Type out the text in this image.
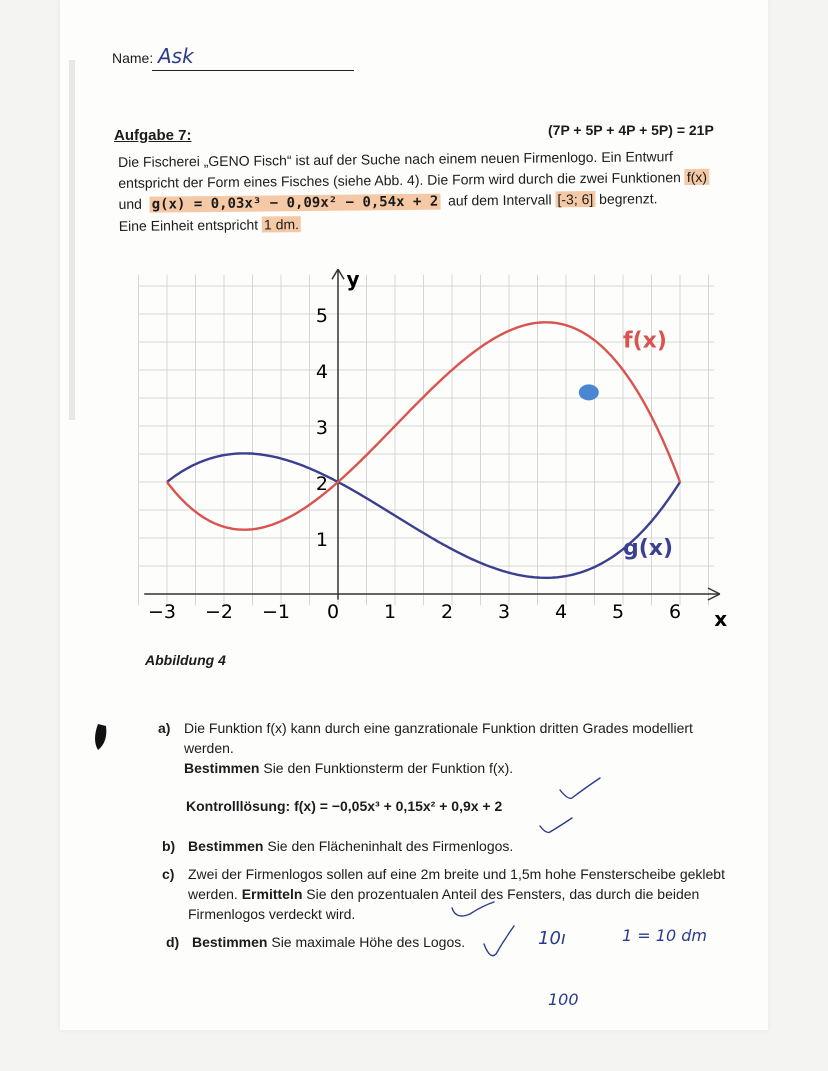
Name: Ask
Aufgabe 7:	(7P + 5P + 4P + 5P) = 21P
Die Fischerei „GENO Fisch“ ist auf der Suche nach einem neuen Firmenlogo. Ein Entwurf
entspricht der Form eines Fisches (siehe Abb. 4). Die Form wird durch die zwei Funktionen f(x)
und g(x) = 0,03x³ − 0,09x² − 0,54x + 2 auf dem Intervall [-3; 6] begrenzt.
Eine Einheit entspricht 1 dm.
−3 −2 −1 0 1 2 3 4 5 6
1
2
3
4
5
f(x)
g(x)
x
y
Abbildung 4
a) Die Funktion f(x) kann durch eine ganzrationale Funktion dritten Grades modelliert
werden.
Bestimmen Sie den Funktionsterm der Funktion f(x).
Kontrolllösung: f(x) = −0,05x³ + 0,15x² + 0,9x + 2
b) Bestimmen Sie den Flächeninhalt des Firmenlogos.
c) Zwei der Firmenlogos sollen auf eine 2m breite und 1,5m hohe Fensterscheibe geklebt
werden. Ermitteln Sie den prozentualen Anteil des Fensters, das durch die beiden
Firmenlogos verdeckt wird.
d) Bestimmen Sie maximale Höhe des Logos.	10ı	1 = 10 dm
100
